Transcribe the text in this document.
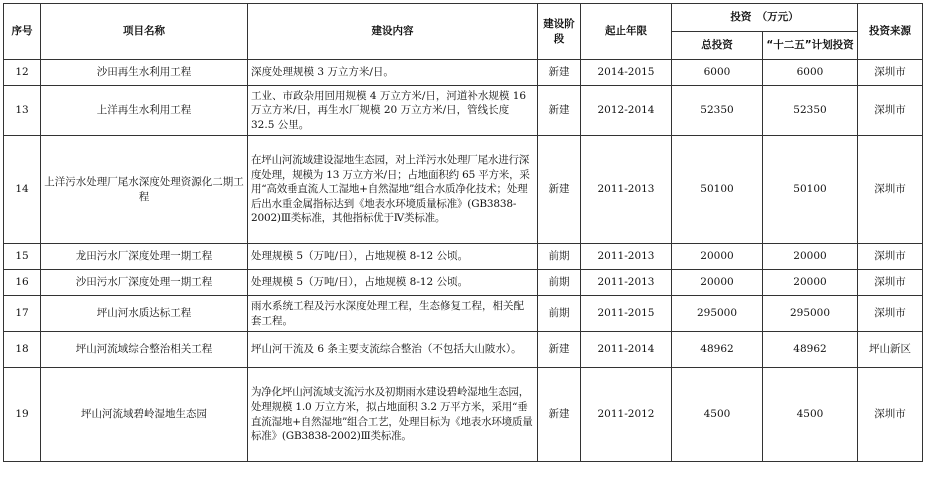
序号	项目名称	建设内容	建设阶段	起止年限	投资　（万元）		投资来源
					总投资	“十二五”计划投资	
12	沙田再生水利用工程	深度处理规模 3 万立方米/日。	新建	2014-2015	6000	6000	深圳市
13	上洋再生水利用工程	工业、市政杂用回用规模 4 万立方米/日，河道补水规模 16 万立方米/日，再生水厂规模 20 万立方米/日，管线长度 32.5 公里。	新建	2012-2014	52350	52350	深圳市
14	上洋污水处理厂尾水深度处理资源化二期工程	在坪山河流域建设湿地生态园，对上洋污水处理厂尾水进行深度处理，规模为 13 万立方米/日；占地面积约 65 平方米，采用“高效垂直流人工湿地+自然湿地”组合水质净化技术；处理后出水重金属指标达到《地表水环境质量标准》(GB3838-2002)Ⅲ类标准，其他指标优于Ⅳ类标准。	新建	2011-2013	50100	50100	深圳市
15	龙田污水厂深度处理一期工程	处理规模 5（万吨/日），占地规模 8-12 公顷。	前期	2011-2013	20000	20000	深圳市
16	沙田污水厂深度处理一期工程	处理规模 5（万吨/日），占地规模 8-12 公顷。	前期	2011-2013	20000	20000	深圳市
17	坪山河水质达标工程	雨水系统工程及污水深度处理工程，生态修复工程，相关配套工程。	前期	2011-2015	295000	295000	深圳市
18	坪山河流域综合整治相关工程	坪山河干流及 6 条主要支流综合整治（不包括大山陂水）。	新建	2011-2014	48962	48962	坪山新区
19	坪山河流域碧岭湿地生态园	为净化坪山河流域支流污水及初期雨水建设碧岭湿地生态园，处理规模 1.0 万立方米，拟占地面积 3.2 万平方米，采用“垂直流湿地+自然湿地”组合工艺，处理目标为《地表水环境质量标准》(GB3838-2002)Ⅲ类标准。	新建	2011-2012	4500	4500	深圳市
